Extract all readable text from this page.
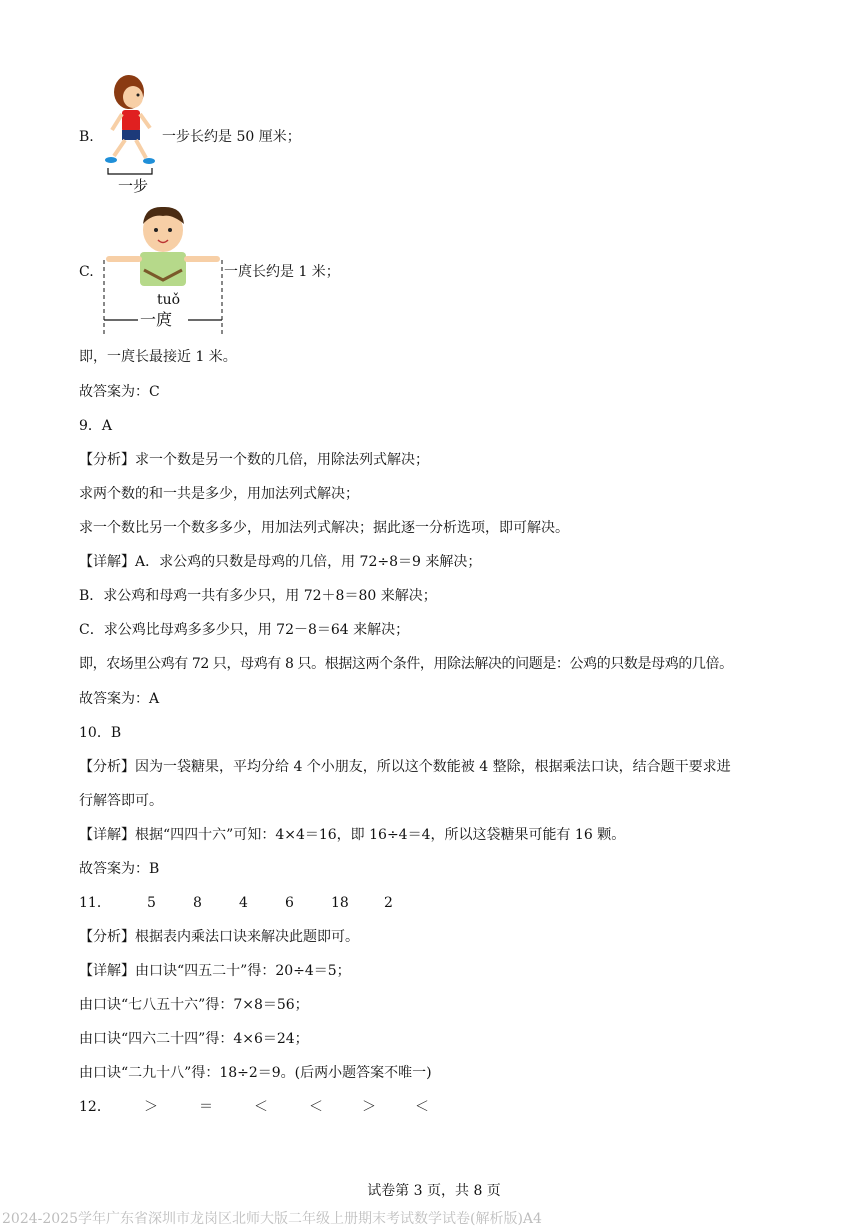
B.	一步长约是 50 厘米；
一步
C.
tuǒ
一庹
一庹长约是 1 米；
即，一庹长最接近 1 米。
故答案为：C
9．A
【分析】求一个数是另一个数的几倍，用除法列式解决；
求两个数的和一共是多少，用加法列式解决；
求一个数比另一个数多多少，用加法列式解决；据此逐一分析选项，即可解决。
【详解】A．求公鸡的只数是母鸡的几倍，用 72÷8＝9 来解决；
B．求公鸡和母鸡一共有多少只，用 72＋8＝80 来解决；
C．求公鸡比母鸡多多少只，用 72－8＝64 来解决；
即，农场里公鸡有 72 只，母鸡有 8 只。根据这两个条件，用除法解决的问题是：公鸡的只数是母鸡的几倍。
故答案为：A
10．B
【分析】因为一袋糖果，平均分给 4 个小朋友，所以这个数能被 4 整除，根据乘法口诀，结合题干要求进
行解答即可。
【详解】根据“四四十六”可知：4×4＝16，即 16÷4＝4，所以这袋糖果可能有 16 颗。
故答案为：B
11．	5	8	4	6	18	2
【分析】根据表内乘法口诀来解决此题即可。
【详解】由口诀“四五二十”得：20÷4＝5；
由口诀“七八五十六”得：7×8＝56；
由口诀“四六二十四”得：4×6＝24；
由口诀“二九十八”得：18÷2＝9。(后两小题答案不唯一)
12． ＞	＝	＜	＜	＞	＜
试卷第 3 页，共 8 页
2024-2025学年广东省深圳市龙岗区北师大版二年级上册期末考试数学试卷(解析版)A4
